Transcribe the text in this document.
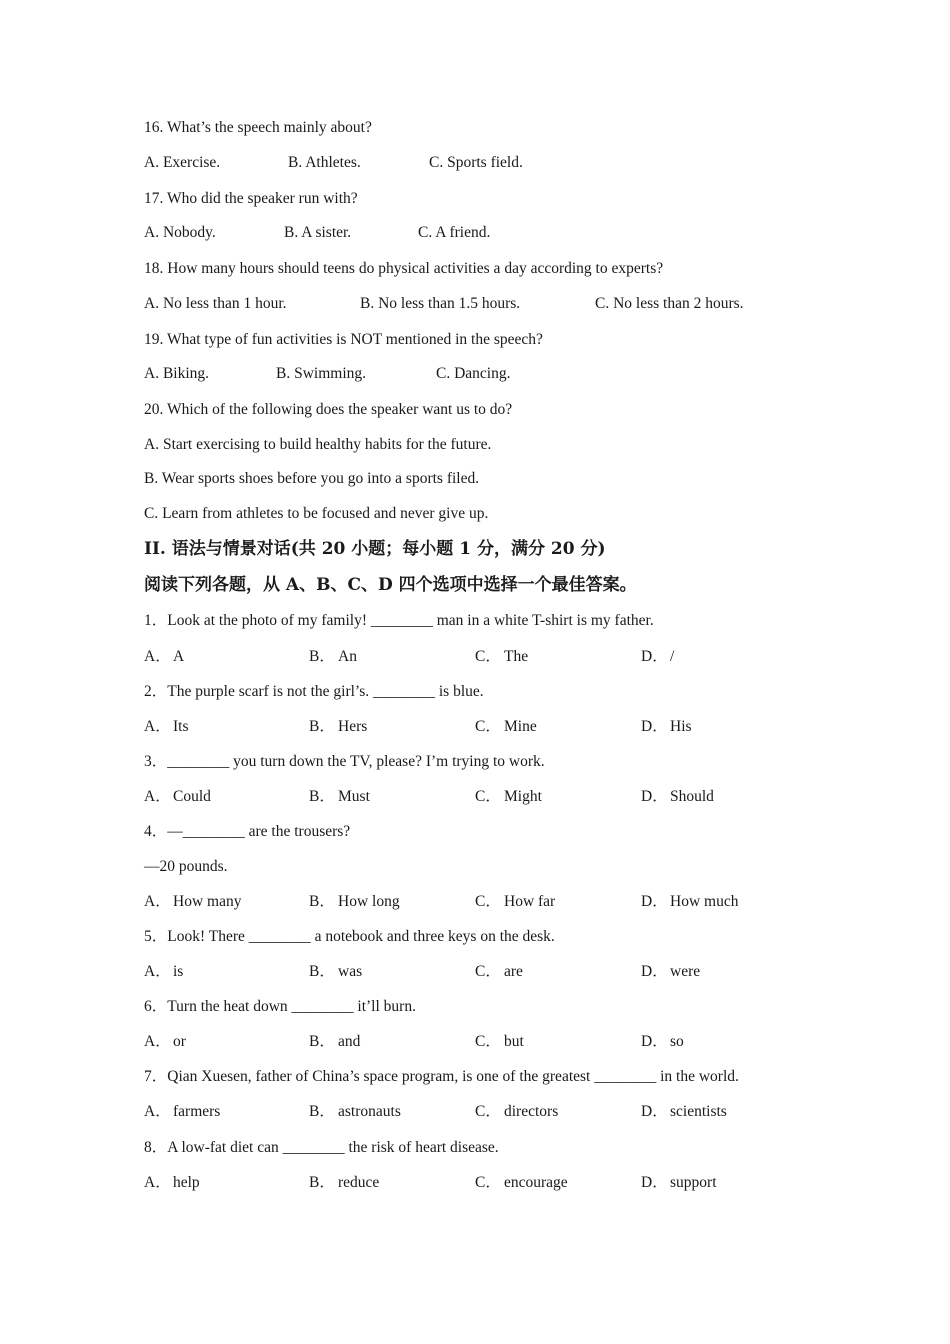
16. What’s the speech mainly about?
A. Exercise.	B. Athletes.	C. Sports field.
17. Who did the speaker run with?
A. Nobody.	B. A sister.	C. A friend.
18. How many hours should teens do physical activities a day according to experts?
A. No less than 1 hour.	B. No less than 1.5 hours.	C. No less than 2 hours.
19. What type of fun activities is NOT mentioned in the speech?
A. Biking.	B. Swimming.	C. Dancing.
20. Which of the following does the speaker want us to do?
A. Start exercising to build healthy habits for the future.
B. Wear sports shoes before you go into a sports filed.
C. Learn from athletes to be focused and never give up.
II. 语法与情景对话(共 20 小题；每小题 1 分，满分 20 分)
阅读下列各题，从 A、B、C、D 四个选项中选择一个最佳答案。
1．Look at the photo of my family! ________ man in a white T-shirt is my father.
A． A	B． An	C． The	D． /
2．The purple scarf is not the girl’s. ________ is blue.
A． Its	B． Hers	C． Mine	D． His
3．________ you turn down the TV, please? I’m trying to work.
A． Could	B． Must	C． Might	D． Should
4．—________ are the trousers?
—20 pounds.
A． How many	B． How long	C． How far	D． How much
5．Look! There ________ a notebook and three keys on the desk.
A． is	B． was	C． are	D． were
6．Turn the heat down ________ it’ll burn.
A． or	B． and	C． but	D． so
7．Qian Xuesen, father of China’s space program, is one of the greatest ________ in the world.
A． farmers	B． astronauts	C． directors	D． scientists
8．A low-fat diet can ________ the risk of heart disease.
A． help	B． reduce	C． encourage	D． support
